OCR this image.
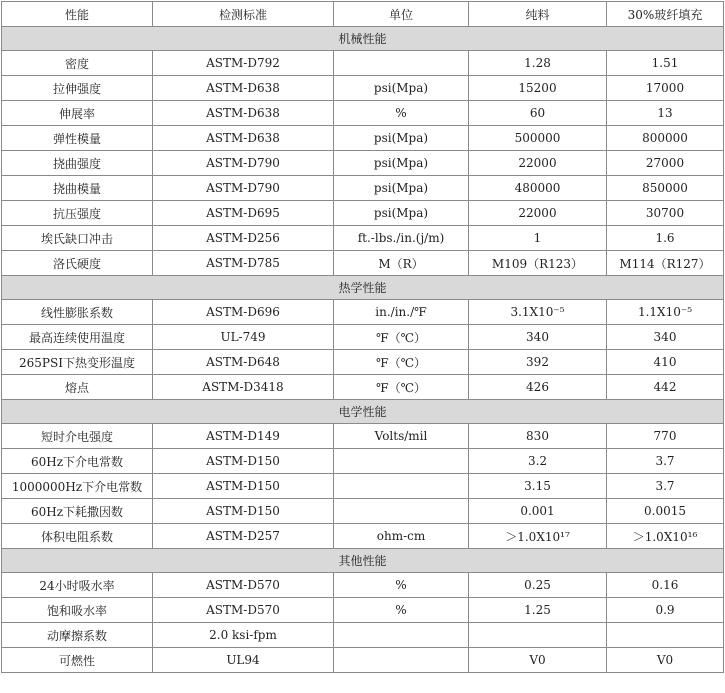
性能	检测标准	单位	纯料	30%玻纤填充
机械性能				
密度	ASTM-D792		1.28	1.51
拉伸强度	ASTM-D638	psi(Mpa)	15200	17000
伸展率	ASTM-D638	%	60	13
弹性模量	ASTM-D638	psi(Mpa)	500000	800000
挠曲强度	ASTM-D790	psi(Mpa)	22000	27000
挠曲模量	ASTM-D790	psi(Mpa)	480000	850000
抗压强度	ASTM-D695	psi(Mpa)	22000	30700
埃氏缺口冲击	ASTM-D256	ft.-lbs./in.(j/m)	1	1.6
洛氏硬度	ASTM-D785	M（R）	M109（R123）	M114（R127）
热学性能				
线性膨胀系数	ASTM-D696	in./in./℉	3.1X10⁻⁵	1.1X10⁻⁵
最高连续使用温度	UL-749	℉（℃）	340	340
265PSI下热变形温度	ASTM-D648	℉（℃）	392	410
熔点	ASTM-D3418	℉（℃）	426	442
电学性能				
短时介电强度	ASTM-D149	Volts/mil	830	770
60Hz下介电常数	ASTM-D150		3.2	3.7
1000000Hz下介电常数	ASTM-D150		3.15	3.7
60Hz下耗撒因数	ASTM-D150		0.001	0.0015
体积电阻系数	ASTM-D257	ohm-cm	＞1.0X10¹⁷	＞1.0X10¹⁶
其他性能				
24小时吸水率	ASTM-D570	%	0.25	0.16
饱和吸水率	ASTM-D570	%	1.25	0.9
动摩擦系数	2.0 ksi-fpm			
可燃性	UL94		V0	V0
